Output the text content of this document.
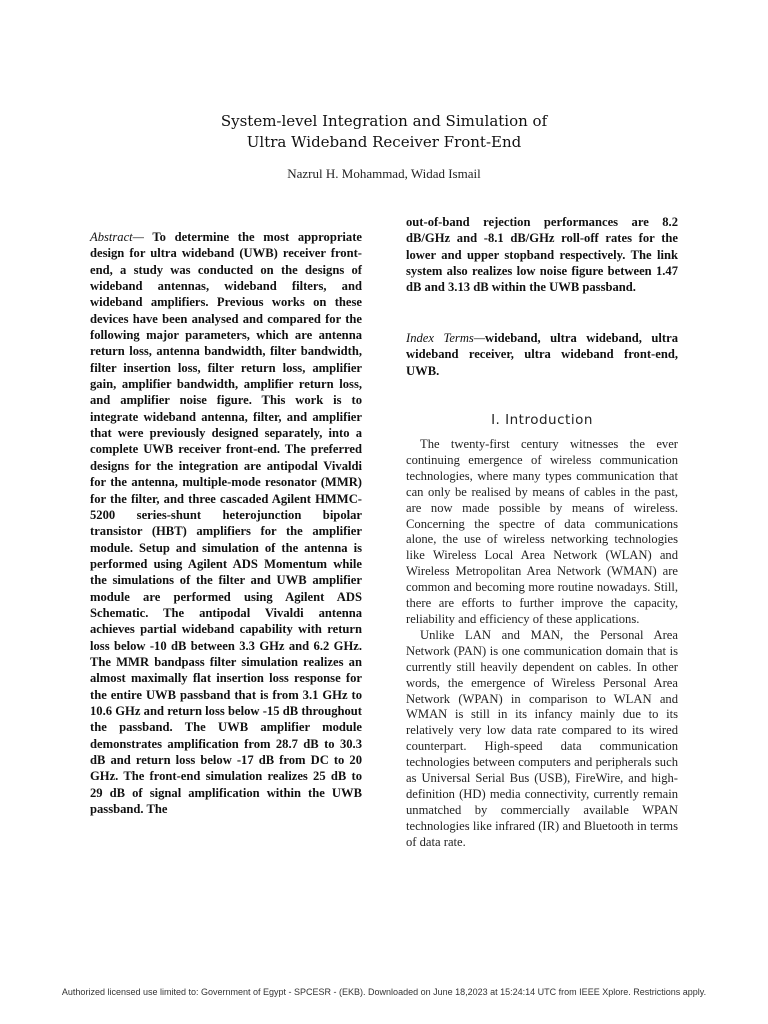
System-level Integration and Simulation of
Ultra Wideband Receiver Front-End
Nazrul H. Mohammad, Widad Ismail
Abstract— To determine the most appropriate design for ultra wideband (UWB) receiver front-end, a study was conducted on the designs of wideband antennas, wideband filters, and wideband amplifiers. Previous works on these devices have been analysed and compared for the following major parameters, which are antenna return loss, antenna bandwidth, filter bandwidth, filter insertion loss, filter return loss, amplifier gain, amplifier bandwidth, amplifier return loss, and amplifier noise figure. This work is to integrate wideband antenna, filter, and amplifier that were previously designed separately, into a complete UWB receiver front-end. The preferred designs for the integration are antipodal Vivaldi for the antenna, multiple-mode resonator (MMR) for the filter, and three cascaded Agilent HMMC-5200 series-shunt heterojunction bipolar transistor (HBT) amplifiers for the amplifier module. Setup and simulation of the antenna is performed using Agilent ADS Momentum while the simulations of the filter and UWB amplifier module are performed using Agilent ADS Schematic. The antipodal Vivaldi antenna achieves partial wideband capability with return loss below -10 dB between 3.3 GHz and 6.2 GHz. The MMR bandpass filter simulation realizes an almost maximally flat insertion loss response for the entire UWB passband that is from 3.1 GHz to 10.6 GHz and return loss below -15 dB throughout the passband. The UWB amplifier module demonstrates amplification from 28.7 dB to 30.3 dB and return loss below -17 dB from DC to 20 GHz. The front-end simulation realizes 25 dB to 29 dB of signal amplification within the UWB passband. The
out-of-band rejection performances are 8.2 dB/GHz and -8.1 dB/GHz roll-off rates for the lower and upper stopband respectively. The link system also realizes low noise figure between 1.47 dB and 3.13 dB within the UWB passband.
Index Terms—wideband, ultra wideband, ultra wideband receiver, ultra wideband front-end, UWB.
I. Introduction

The twenty-first century witnesses the ever continuing emergence of wireless communication technologies, where many types communication that can only be realised by means of cables in the past, are now made possible by means of wireless. Concerning the spectre of data communications alone, the use of wireless networking technologies like Wireless Local Area Network (WLAN) and Wireless Metropolitan Area Network (WMAN) are common and becoming more routine nowadays. Still, there are efforts to further improve the capacity, reliability and efficiency of these applications.

Unlike LAN and MAN, the Personal Area Network (PAN) is one communication domain that is currently still heavily dependent on cables. In other words, the emergence of Wireless Personal Area Network (WPAN) in comparison to WLAN and WMAN is still in its infancy mainly due to its relatively very low data rate compared to its wired counterpart. High-speed data communication technologies between computers and peripherals such as Universal Serial Bus (USB), FireWire, and high-definition (HD) media connectivity, currently remain unmatched by commercially available WPAN technologies like infrared (IR) and Bluetooth in terms of data rate.

Authorized licensed use limited to: Government of Egypt - SPCESR - (EKB). Downloaded on June 18,2023 at 15:24:14 UTC from IEEE Xplore. Restrictions apply.
